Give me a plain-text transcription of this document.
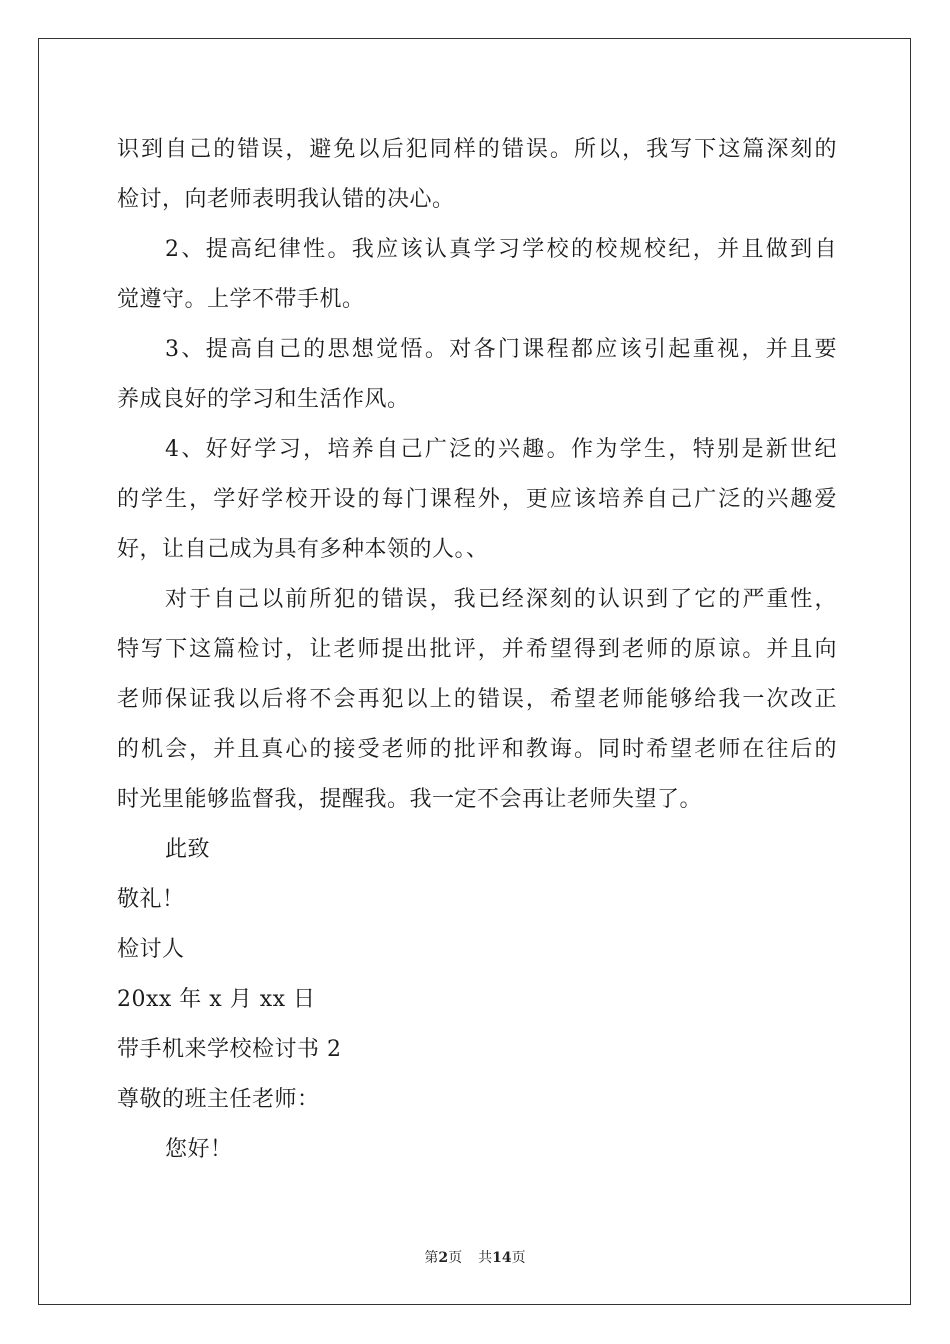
识到自己的错误，避免以后犯同样的错误。所以，我写下这篇深刻的
检讨，向老师表明我认错的决心。
2、提高纪律性。我应该认真学习学校的校规校纪，并且做到自
觉遵守。上学不带手机。
3、提高自己的思想觉悟。对各门课程都应该引起重视，并且要
养成良好的学习和生活作风。
4、好好学习，培养自己广泛的兴趣。作为学生，特别是新世纪
的学生，学好学校开设的每门课程外，更应该培养自己广泛的兴趣爱
好，让自己成为具有多种本领的人。、
对于自己以前所犯的错误，我已经深刻的认识到了它的严重性，
特写下这篇检讨，让老师提出批评，并希望得到老师的原谅。并且向
老师保证我以后将不会再犯以上的错误，希望老师能够给我一次改正
的机会，并且真心的接受老师的批评和教诲。同时希望老师在往后的
时光里能够监督我，提醒我。我一定不会再让老师失望了。
此致
敬礼！
检讨人
20xx 年 x 月 xx 日
带手机来学校检讨书 2
尊敬的班主任老师：
您好！
第2页 共14页
